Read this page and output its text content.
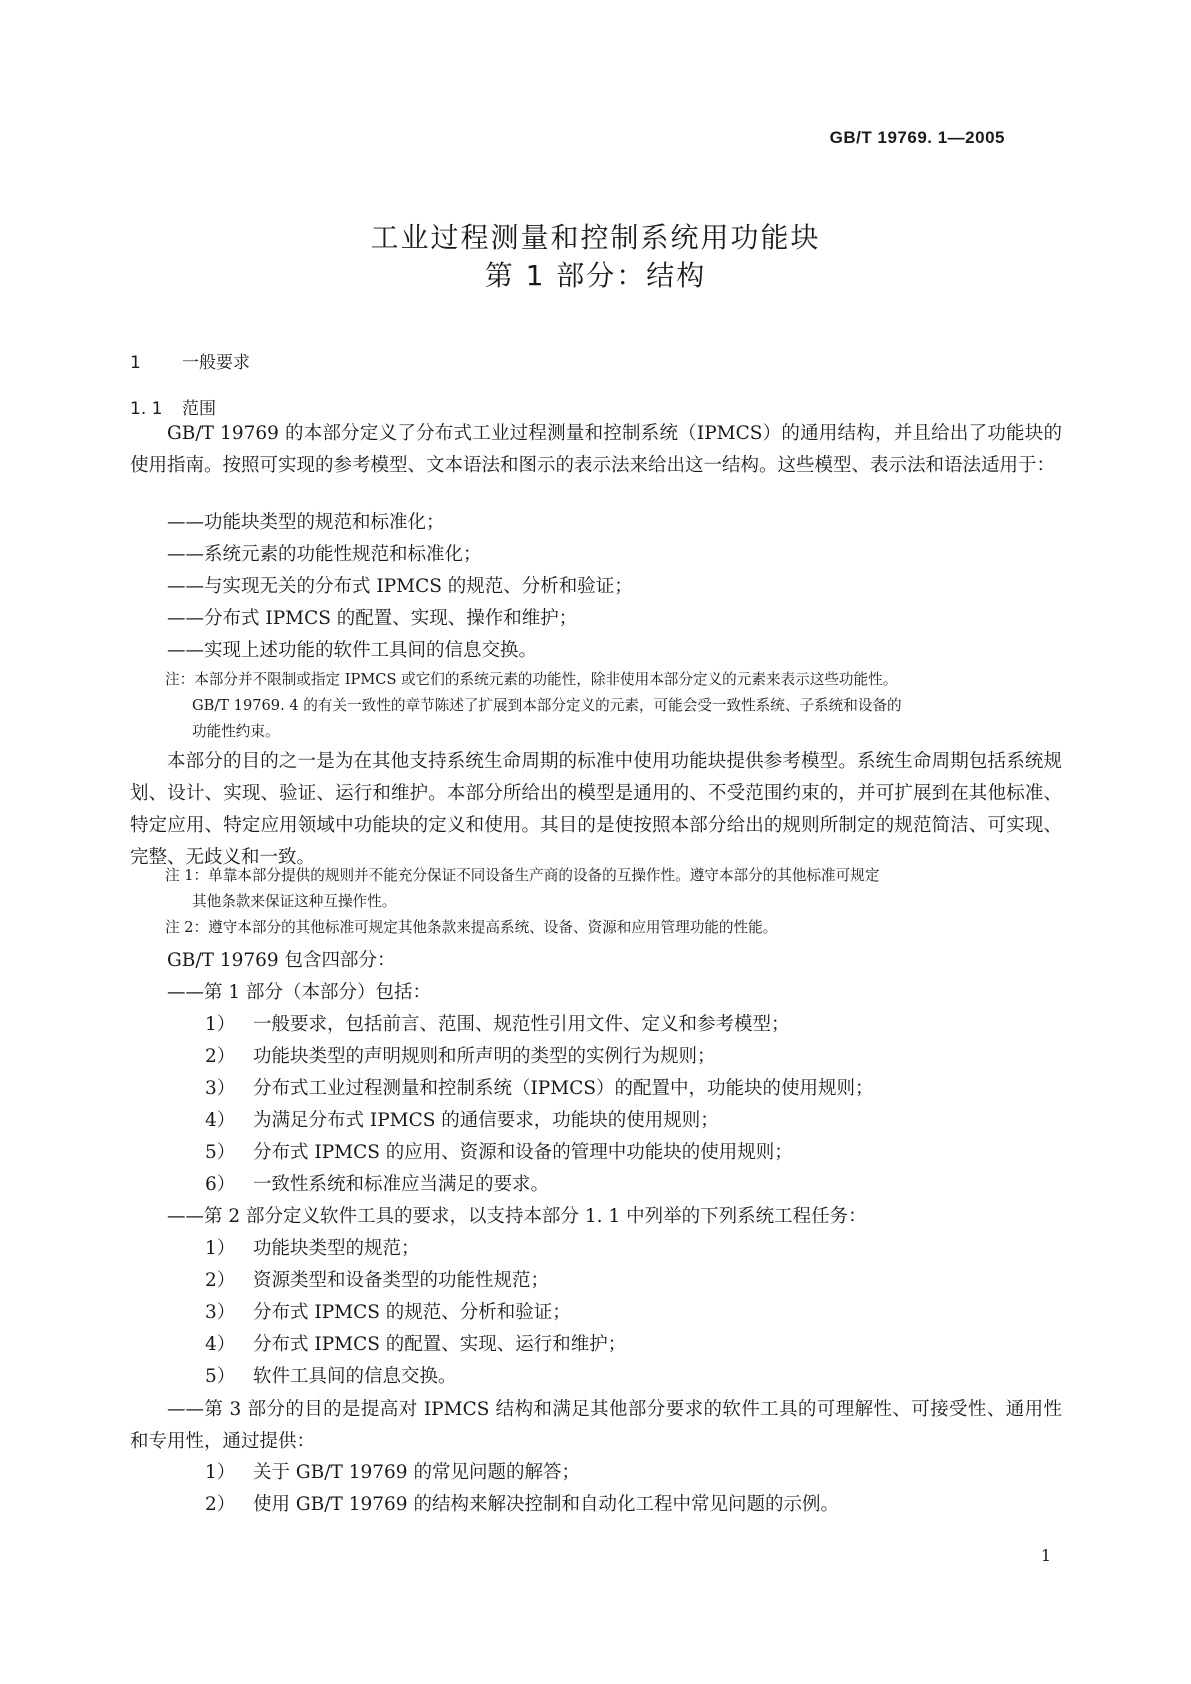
GB/T 19769. 1—2005
工业过程测量和控制系统用功能块
第 1 部分：结构
1 一般要求
1. 1 范围
GB/T 19769 的本部分定义了分布式工业过程测量和控制系统（IPMCS）的通用结构，并且给出了功能块的使用指南。按照可实现的参考模型、文本语法和图示的表示法来给出这一结构。这些模型、表示法和语法适用于：
——功能块类型的规范和标准化；
——系统元素的功能性规范和标准化；
——与实现无关的分布式 IPMCS 的规范、分析和验证；
——分布式 IPMCS 的配置、实现、操作和维护；
——实现上述功能的软件工具间的信息交换。
注：本部分并不限制或指定 IPMCS 或它们的系统元素的功能性，除非使用本部分定义的元素来表示这些功能性。
GB/T 19769. 4 的有关一致性的章节陈述了扩展到本部分定义的元素，可能会受一致性系统、子系统和设备的
功能性约束。
本部分的目的之一是为在其他支持系统生命周期的标准中使用功能块提供参考模型。系统生命周期包括系统规划、设计、实现、验证、运行和维护。本部分所给出的模型是通用的、不受范围约束的，并可扩展到在其他标准、特定应用、特定应用领域中功能块的定义和使用。其目的是使按照本部分给出的规则所制定的规范简洁、可实现、完整、无歧义和一致。
注 1：单靠本部分提供的规则并不能充分保证不同设备生产商的设备的互操作性。遵守本部分的其他标准可规定
其他条款来保证这种互操作性。
注 2：遵守本部分的其他标准可规定其他条款来提高系统、设备、资源和应用管理功能的性能。
GB/T 19769 包含四部分：
——第 1 部分（本部分）包括：
1） 一般要求，包括前言、范围、规范性引用文件、定义和参考模型；
2） 功能块类型的声明规则和所声明的类型的实例行为规则；
3） 分布式工业过程测量和控制系统（IPMCS）的配置中，功能块的使用规则；
4） 为满足分布式 IPMCS 的通信要求，功能块的使用规则；
5） 分布式 IPMCS 的应用、资源和设备的管理中功能块的使用规则；
6） 一致性系统和标准应当满足的要求。
——第 2 部分定义软件工具的要求，以支持本部分 1. 1 中列举的下列系统工程任务：
1） 功能块类型的规范；
2） 资源类型和设备类型的功能性规范；
3） 分布式 IPMCS 的规范、分析和验证；
4） 分布式 IPMCS 的配置、实现、运行和维护；
5） 软件工具间的信息交换。
——第 3 部分的目的是提高对 IPMCS 结构和满足其他部分要求的软件工具的可理解性、可接受性、通用性和专用性，通过提供：
1） 关于 GB/T 19769 的常见问题的解答；
2） 使用 GB/T 19769 的结构来解决控制和自动化工程中常见问题的示例。
1
